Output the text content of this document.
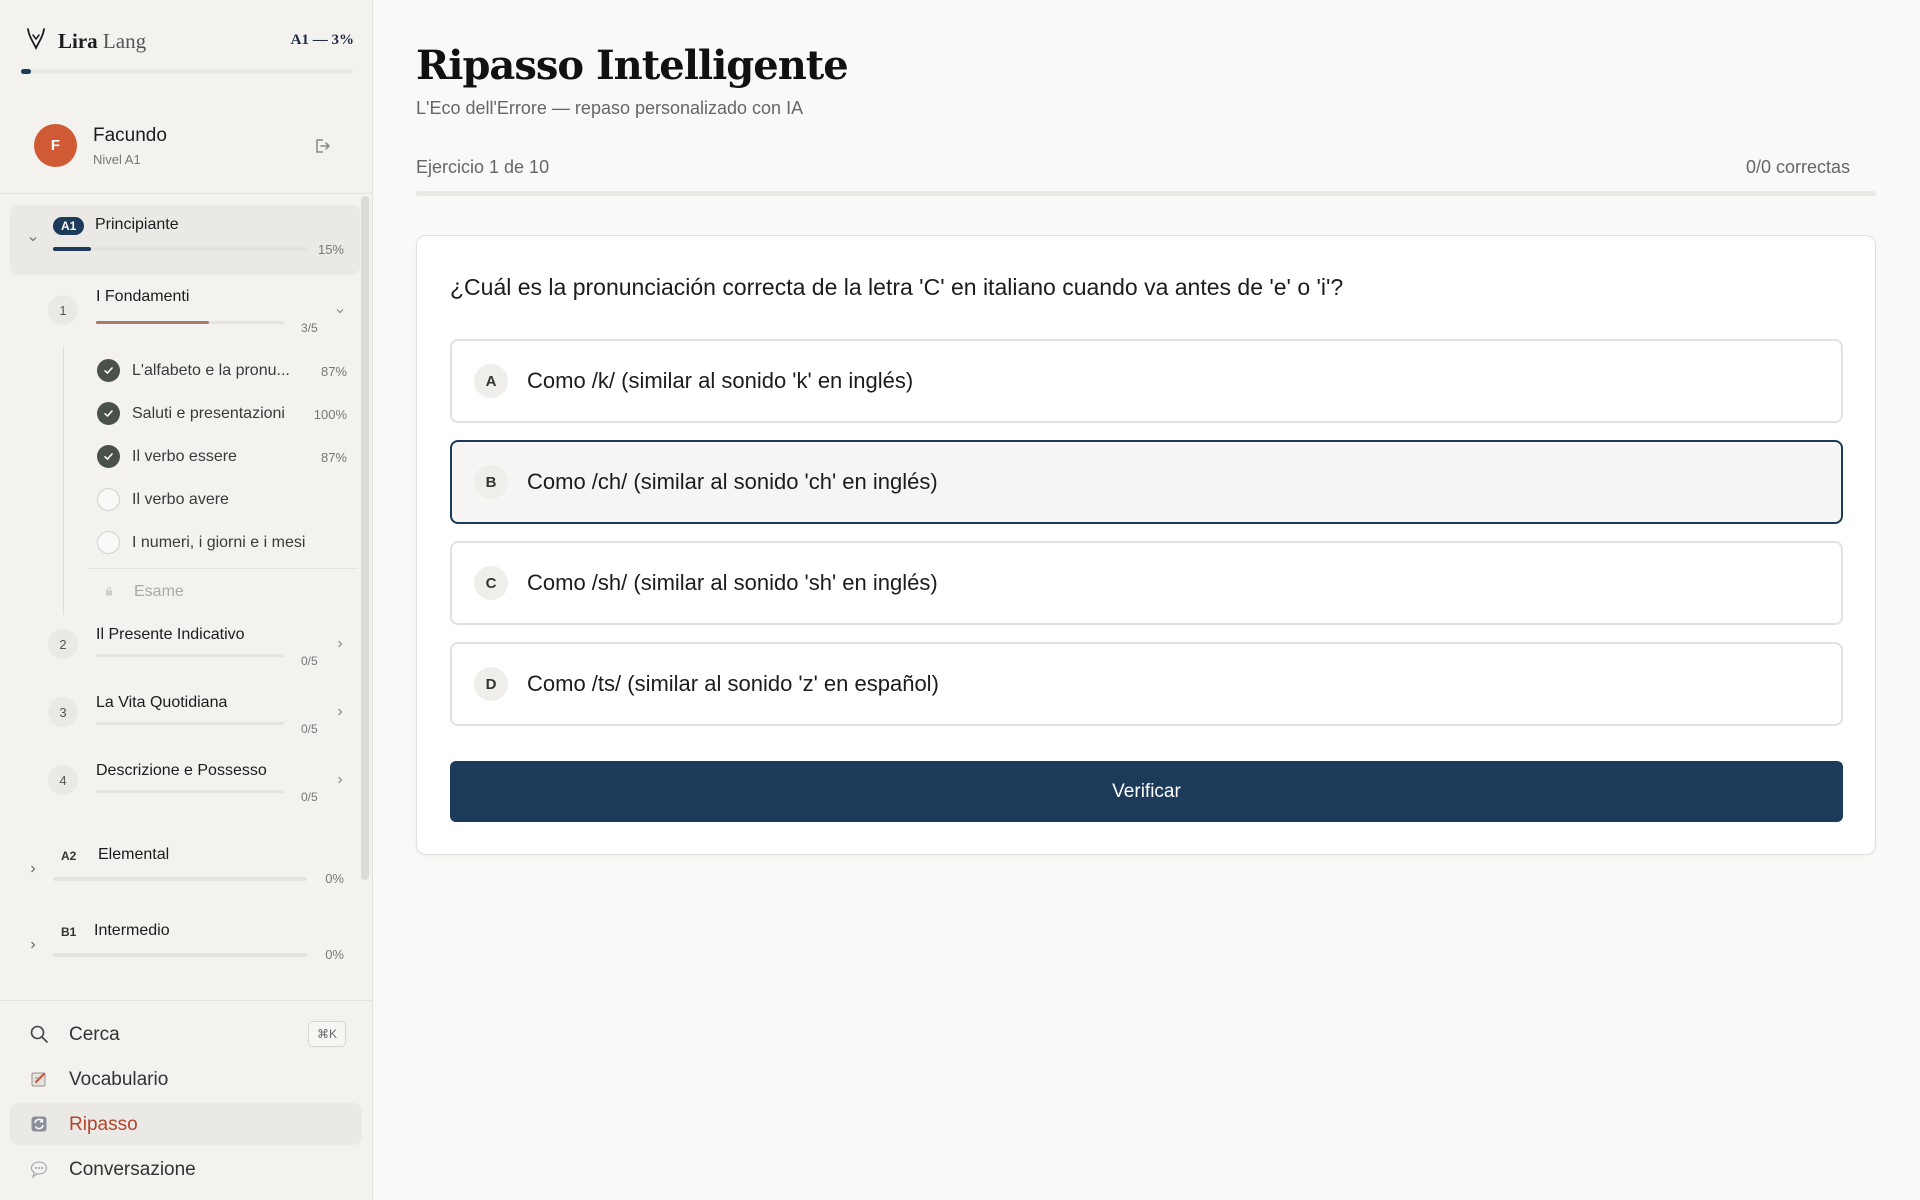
Lira Lang	A1 — 3%
F	Facundo
Nivel A1
A1	Principiante
15%
1
I Fondamenti
3/5
L'alfabeto e la pronu... 87%
Saluti e presentazioni 100%
Il verbo essere	87%
Il verbo avere
I numeri, i giorni e i mesi
Esame
2
Il Presente Indicativo
0/5
3
La Vita Quotidiana
0/5
4
Descrizione e Possesso
0/5
A2 Elemental
0%
B1 Intermedio
0%
Cerca	⌘K
Vocabulario
Ripasso
Conversazione
Ripasso Intelligente
L'Eco dell'Errore — repaso personalizado con IA
Ejercicio 1 de 10	0/0 correctas
¿Cuál es la pronunciación correcta de la letra 'C' en italiano cuando va antes de 'e' o 'i'?
A	Como /k/ (similar al sonido 'k' en inglés)
B	Como /ch/ (similar al sonido 'ch' en inglés)
C	Como /sh/ (similar al sonido 'sh' en inglés)
D	Como /ts/ (similar al sonido 'z' en español)
Verificar
